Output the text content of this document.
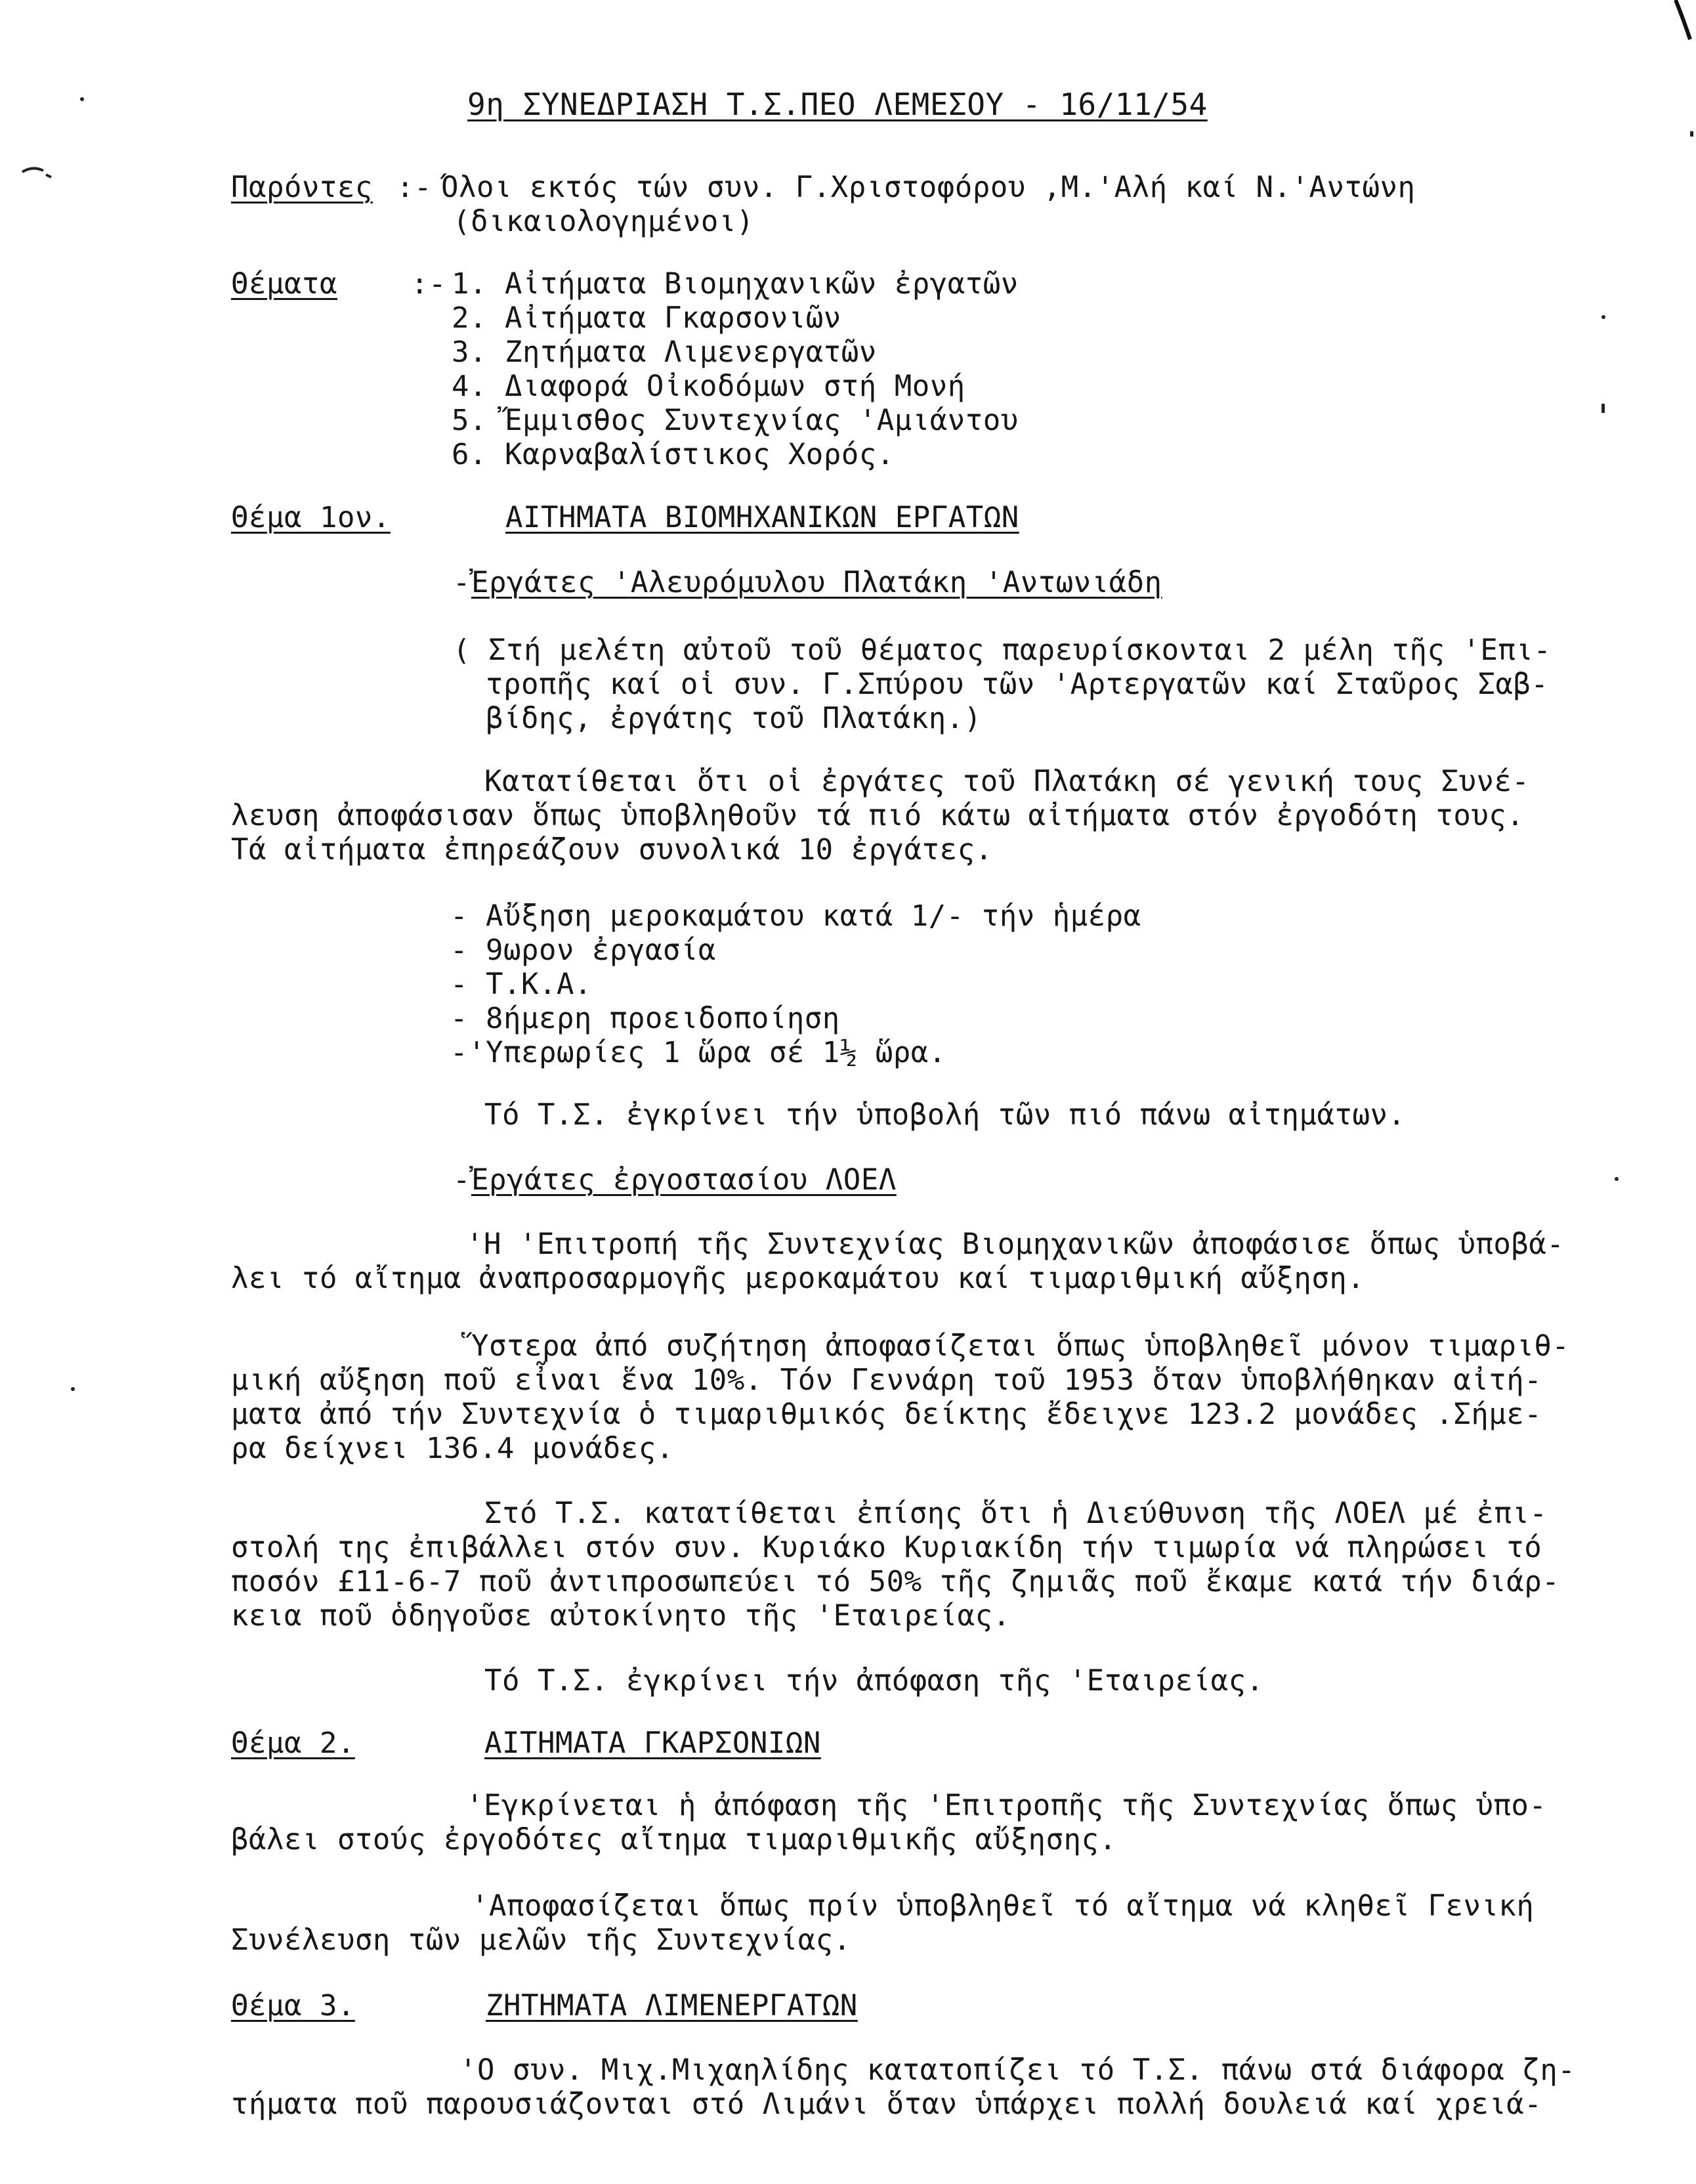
9η ΣΥΝΕΔΡΙΑΣΗ Τ.Σ.ΠΕΟ ΛΕΜΕΣΟΥ - 16/11/54
Παρόντες :- Όλοι εκτός τών συν. Γ.Χριστοφόρου ,Μ.'Αλή καί Ν.'Αντώνη
(δικαιολογημένοι)
Θέματα	:- 1. Αἰτήματα Βιομηχανικῶν ἐργατῶν
2. Αἰτήματα Γκαρσονιῶν
3. Ζητήματα Λιμενεργατῶν
4. Διαφορά Οἰκοδόμων στή Μονή
5. Ἔμμισθος Συντεχνίας 'Αμιάντου
6. Καρναβαλίστικος Χορός.
Θέμα 1ον.	ΑΙΤΗΜΑΤΑ ΒΙΟΜΗΧΑΝΙΚΩΝ ΕΡΓΑΤΩΝ
- Ἐργάτες 'Αλευρόμυλου Πλατάκη 'Αντωνιάδη
( Στή μελέτη αὐτοῦ τοῦ θέματος παρευρίσκονται 2 μέλη τῆς 'Επι-
τροπῆς καί οἱ συν. Γ.Σπύρου τῶν 'Αρτεργατῶν καί Σταῦρος Σαβ-
βίδης, ἐργάτης τοῦ Πλατάκη.)
Κατατίθεται ὅτι οἱ ἐργάτες τοῦ Πλατάκη σέ γενική τους Συνέ-
λευση ἀποφάσισαν ὅπως ὑποβληθοῦν τά πιό κάτω αἰτήματα στόν ἐργοδότη τους.
Τά αἰτήματα ἐπηρεάζουν συνολικά 10 ἐργάτες.
- Αὔξηση μεροκαμάτου κατά 1/- τήν ἡμέρα
- 9ωρον ἐργασία
- Τ.Κ.Α.
- 8ήμερη προειδοποίηση
-'Υπερωρίες 1 ὥρα σέ 1½ ὥρα.
Τό Τ.Σ. ἐγκρίνει τήν ὑποβολή τῶν πιό πάνω αἰτημάτων.
- Ἐργάτες ἐργοστασίου ΛΟΕΛ
'Η 'Επιτροπή τῆς Συντεχνίας Βιομηχανικῶν ἀποφάσισε ὅπως ὑποβά-
λει τό αἴτημα ἀναπροσαρμογῆς μεροκαμάτου καί τιμαριθμική αὔξηση.
Ὕστερα ἀπό συζήτηση ἀποφασίζεται ὅπως ὑποβληθεῖ μόνον τιμαριθ-
μική αὔξηση ποῦ εἶναι ἕνα 10%. Τόν Γεννάρη τοῦ 1953 ὅταν ὑποβλήθηκαν αἰτή-
ματα ἀπό τήν Συντεχνία ὁ τιμαριθμικός δείκτης ἔδειχνε 123.2 μονάδες .Σήμε-
ρα δείχνει 136.4 μονάδες.
Στό Τ.Σ. κατατίθεται ἐπίσης ὅτι ἡ Διεύθυνση τῆς ΛΟΕΛ μέ ἐπι-
στολή της ἐπιβάλλει στόν συν. Κυριάκο Κυριακίδη τήν τιμωρία νά πληρώσει τό
ποσόν £11-6-7 ποῦ ἀντιπροσωπεύει τό 50% τῆς ζημιᾶς ποῦ ἔκαμε κατά τήν διάρ-
κεια ποῦ ὁδηγοῦσε αὐτοκίνητο τῆς 'Εταιρείας.
Τό Τ.Σ. ἐγκρίνει τήν ἀπόφαση τῆς 'Εταιρείας.
Θέμα 2.	ΑΙΤΗΜΑΤΑ ΓΚΑΡΣΟΝΙΩΝ
'Εγκρίνεται ἡ ἀπόφαση τῆς 'Επιτροπῆς τῆς Συντεχνίας ὅπως ὑπο-
βάλει στούς ἐργοδότες αἴτημα τιμαριθμικῆς αὔξησης.
'Αποφασίζεται ὅπως πρίν ὑποβληθεῖ τό αἴτημα νά κληθεῖ Γενική
Συνέλευση τῶν μελῶν τῆς Συντεχνίας.
Θέμα 3.	ΖΗΤΗΜΑΤΑ ΛΙΜΕΝΕΡΓΑΤΩΝ
'Ο συν. Μιχ.Μιχαηλίδης κατατοπίζει τό Τ.Σ. πάνω στά διάφορα ζη-
τήματα ποῦ παρουσιάζονται στό Λιμάνι ὅταν ὑπάρχει πολλή δουλειά καί χρειά-
